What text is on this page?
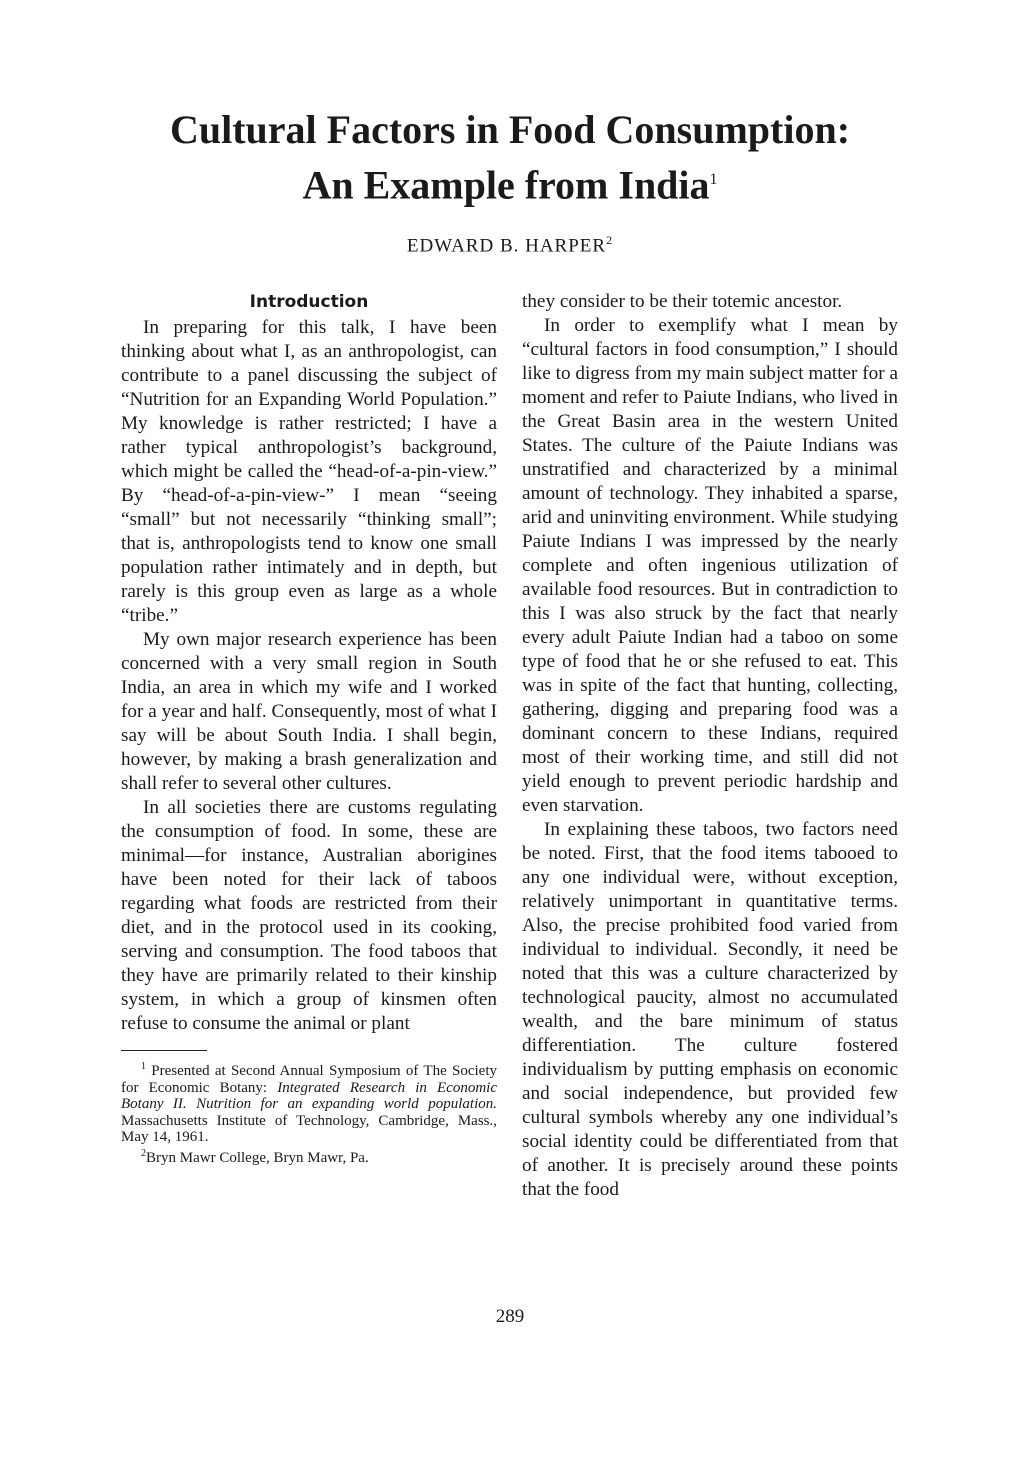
Cultural Factors in Food Consumption:
An Example from India$^1$
EDWARD B. HARPER$^2$
Introduction

In preparing for this talk, I have been thinking about what I, as an anthropologist, can contribute to a panel discussing the subject of “Nutrition for an Expanding World Population.” My knowledge is rather restricted; I have a rather typical anthropologist’s background, which might be called the “head-of-a-pin-view.” By “head-of-a-pin-view-” I mean “seeing “small” but not necessarily “thinking small”; that is, anthropologists tend to know one small population rather intimately and in depth, but rarely is this group even as large as a whole “tribe.”

My own major research experience has been concerned with a very small region in South India, an area in which my wife and I worked for a year and half. Consequently, most of what I say will be about South India. I shall begin, however, by making a brash generalization and shall refer to several other cultures.

In all societies there are customs regulating the consumption of food. In some, these are minimal—for instance, Australian aborigines have been noted for their lack of taboos regarding what foods are restricted from their diet, and in the protocol used in its cooking, serving and consumption. The food taboos that they have are primarily related to their kinship system, in which a group of kinsmen often refuse to consume the animal or plant

$^1$ Presented at Second Annual Symposium of The Society for Economic Botany: Integrated Research in Economic Botany II. Nutrition for an expanding world population. Massachusetts Institute of Technology, Cambridge, Mass., May 14, 1961.

$^2$Bryn Mawr College, Bryn Mawr, Pa.

they consider to be their totemic ancestor.

In order to exemplify what I mean by “cultural factors in food consumption,” I should like to digress from my main subject matter for a moment and refer to Paiute Indians, who lived in the Great Basin area in the western United States. The culture of the Paiute Indians was unstratified and characterized by a minimal amount of technology. They inhabited a sparse, arid and uninviting environment. While studying Paiute Indians I was impressed by the nearly complete and often ingenious utilization of available food resources. But in contradiction to this I was also struck by the fact that nearly every adult Paiute Indian had a taboo on some type of food that he or she refused to eat. This was in spite of the fact that hunting, collecting, gathering, digging and preparing food was a dominant concern to these Indians, required most of their working time, and still did not yield enough to prevent periodic hardship and even starvation.

In explaining these taboos, two factors need be noted. First, that the food items tabooed to any one individual were, without exception, relatively unimportant in quantitative terms. Also, the precise prohibited food varied from individual to individual. Secondly, it need be noted that this was a culture characterized by technological paucity, almost no accumulated wealth, and the bare minimum of status differentiation. The culture fostered individualism by putting emphasis on economic and social independence, but provided few cultural symbols whereby any one individual’s social identity could be differentiated from that of another. It is precisely around these points that the food

289
